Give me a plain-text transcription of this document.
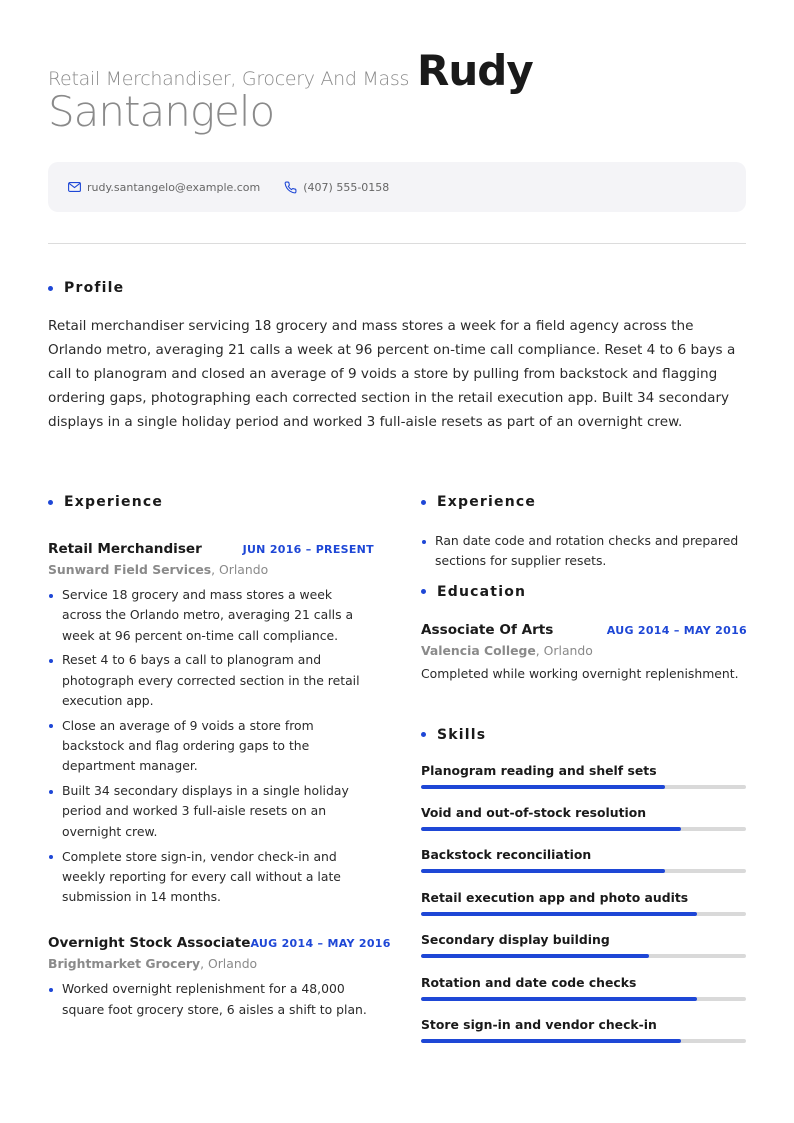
Retail Merchandiser, Grocery And Mass Rudy
Santangelo
rudy.santangelo@example.com	(407) 555-0158
Profile

Retail merchandiser servicing 18 grocery and mass stores a week for a field agency across the Orlando metro, averaging 21 calls a week at 96 percent on-time call compliance. Reset 4 to 6 bays a call to planogram and closed an average of 9 voids a store by pulling from backstock and flagging ordering gaps, photographing each corrected section in the retail execution app. Built 34 secondary displays in a single holiday period and worked 3 full-aisle resets as part of an overnight crew.

Experience
Retail Merchandiser	JUN 2016 – PRESENT
Sunward Field Services, Orlando
Service 18 grocery and mass stores a week across the Orlando metro, averaging 21 calls a week at 96 percent on-time call compliance.
Reset 4 to 6 bays a call to planogram and photograph every corrected section in the retail execution app.
Close an average of 9 voids a store from backstock and flag ordering gaps to the department manager.
Built 34 secondary displays in a single holiday period and worked 3 full-aisle resets on an overnight crew.
Complete store sign-in, vendor check-in and weekly reporting for every call without a late submission in 14 months.
Overnight Stock Associate AUG 2014 – MAY 2016
Brightmarket Grocery, Orlando
Worked overnight replenishment for a 48,000 square foot grocery store, 6 aisles a shift to plan.
Experience
Ran date code and rotation checks and prepared sections for supplier resets.
Education
Associate Of Arts	AUG 2014 – MAY 2016
Valencia College, Orlando
Completed while working overnight replenishment.
Skills
Planogram reading and shelf sets
Void and out-of-stock resolution
Backstock reconciliation
Retail execution app and photo audits
Secondary display building
Rotation and date code checks
Store sign-in and vendor check-in
